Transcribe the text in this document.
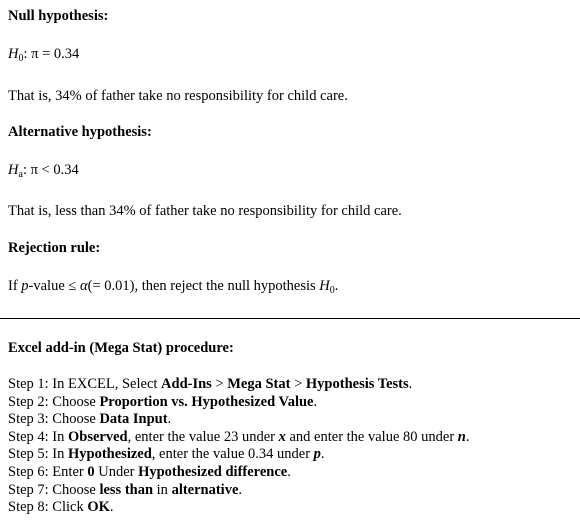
Null hypothesis:
$H_0$: π = 0.34
That is, 34% of father take no responsibility for child care.
Alternative hypothesis:
$H_a$: π < 0.34
That is, less than 34% of father take no responsibility for child care.
Rejection rule:
If p-value ≤ α(= 0.01), then reject the null hypothesis $H_0$.
Excel add-in (Mega Stat) procedure:
Step 1: In EXCEL, Select Add-Ins > Mega Stat > Hypothesis Tests.
Step 2: Choose Proportion vs. Hypothesized Value.
Step 3: Choose Data Input.
Step 4: In Observed, enter the value 23 under x and enter the value 80 under n.
Step 5: In Hypothesized, enter the value 0.34 under p.
Step 6: Enter 0 Under Hypothesized difference.
Step 7: Choose less than in alternative.
Step 8: Click OK.
